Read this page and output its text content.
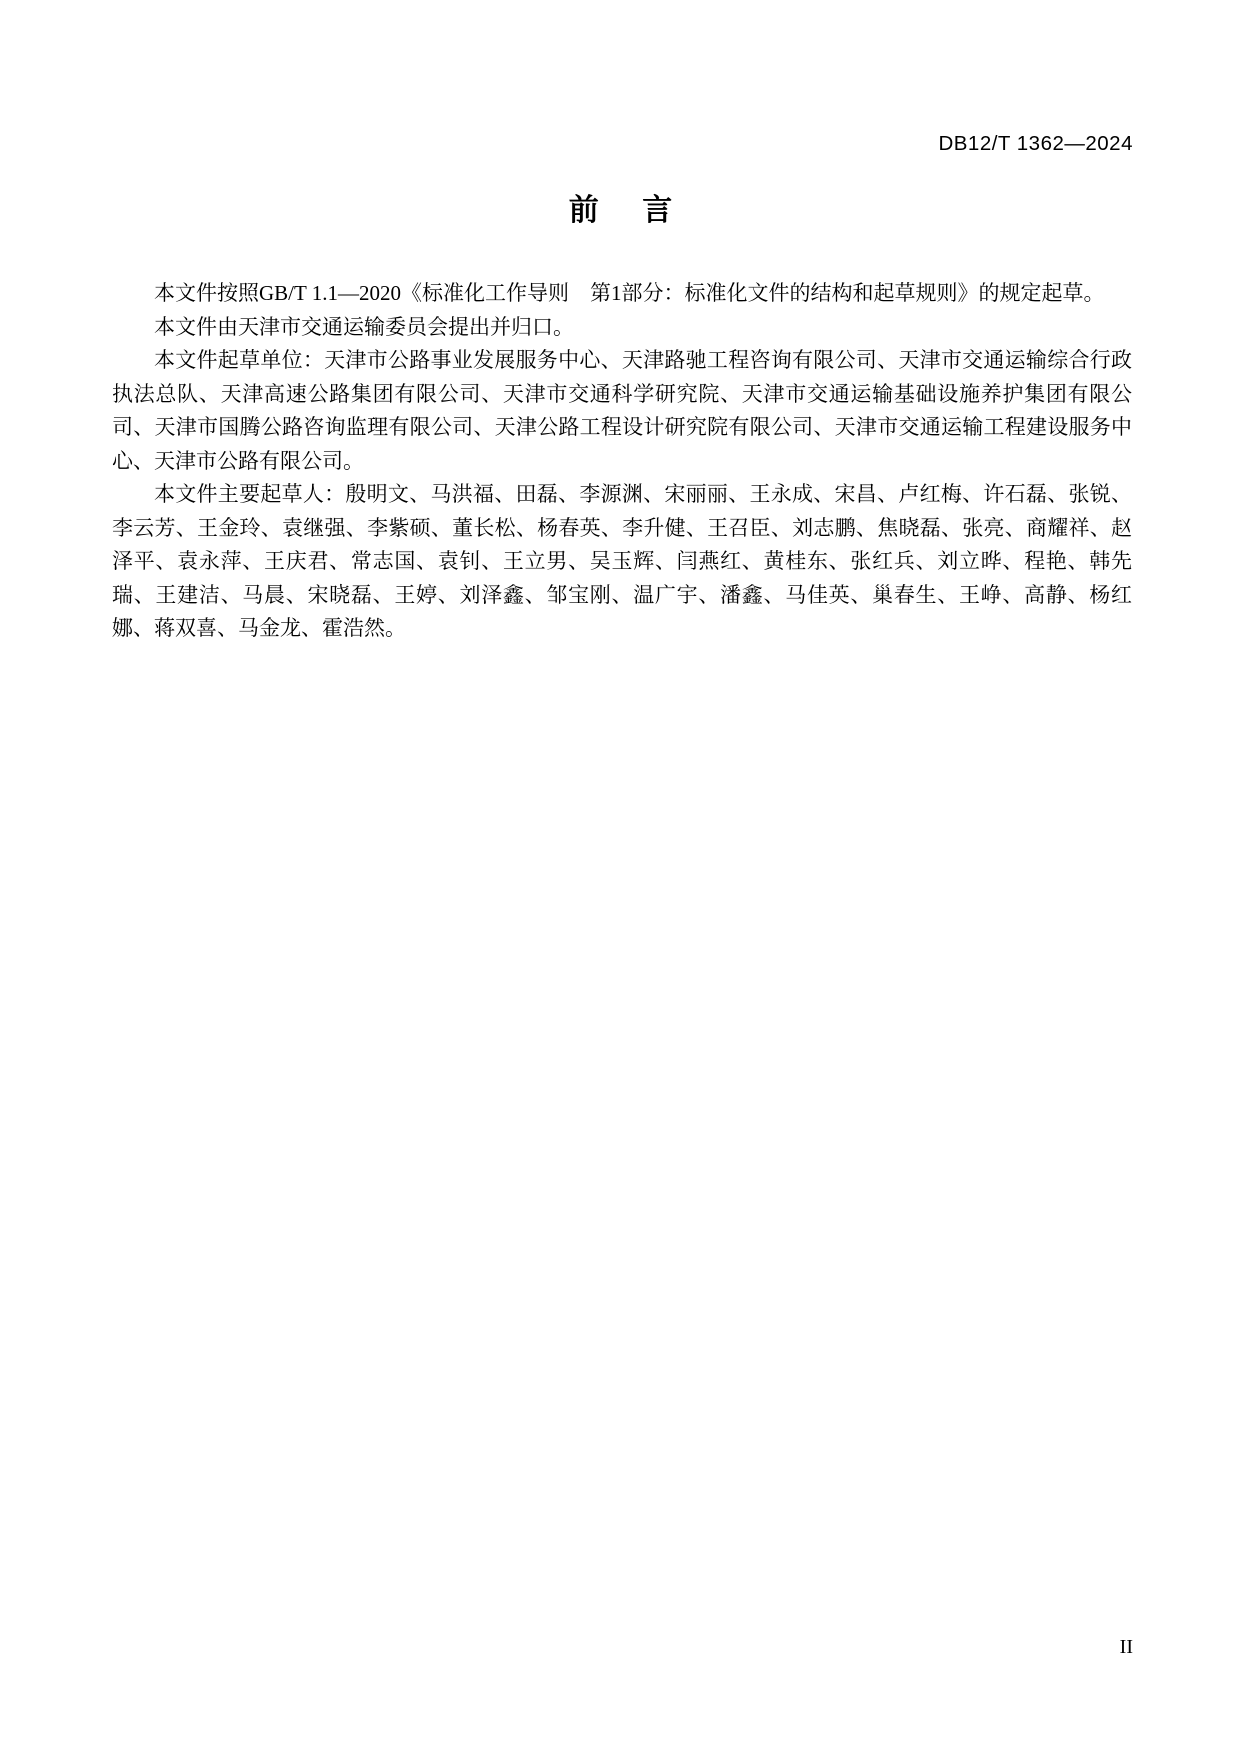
DB12/T 1362—2024
前 言

本文件按照GB/T 1.1—2020《标准化工作导则　第1部分：标准化文件的结构和起草规则》的规定起草。

本文件由天津市交通运输委员会提出并归口。

本文件起草单位：天津市公路事业发展服务中心、天津路驰工程咨询有限公司、天津市交通运输综合行政执法总队、天津高速公路集团有限公司、天津市交通科学研究院、天津市交通运输基础设施养护集团有限公司、天津市国腾公路咨询监理有限公司、天津公路工程设计研究院有限公司、天津市交通运输工程建设服务中心、天津市公路有限公司。

本文件主要起草人：殷明文、马洪福、田磊、李源渊、宋丽丽、王永成、宋昌、卢红梅、许石磊、张锐、李云芳、王金玲、袁继强、李紫硕、董长松、杨春英、李升健、王召臣、刘志鹏、焦晓磊、张亮、商耀祥、赵泽平、袁永萍、王庆君、常志国、袁钊、王立男、吴玉辉、闫燕红、黄桂东、张红兵、刘立晔、程艳、韩先瑞、王建洁、马晨、宋晓磊、王婷、刘泽鑫、邹宝刚、温广宇、潘鑫、马佳英、巢春生、王峥、高静、杨红娜、蒋双喜、马金龙、霍浩然。

II
